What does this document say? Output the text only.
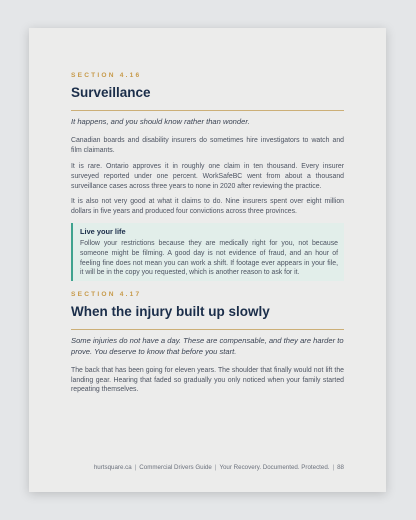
SECTION 4.16
Surveillance

It happens, and you should know rather than wonder.

Canadian boards and disability insurers do sometimes hire investigators to watch and film claimants.

It is rare. Ontario approves it in roughly one claim in ten thousand. Every insurer surveyed reported under one percent. WorkSafeBC went from about a thousand surveillance cases across three years to none in 2020 after reviewing the practice.

It is also not very good at what it claims to do. Nine insurers spent over eight million dollars in five years and produced four convictions across three provinces.

Live your life

Follow your restrictions because they are medically right for you, not because someone might be filming. A good day is not evidence of fraud, and an hour of feeling fine does not mean you can work a shift. If footage ever appears in your file, it will be in the copy you requested, which is another reason to ask for it.

SECTION 4.17
When the injury built up slowly

Some injuries do not have a day. These are compensable, and they are harder to prove. You deserve to know that before you start.

The back that has been going for eleven years. The shoulder that finally would not lift the landing gear. Hearing that faded so gradually you only noticed when your family started repeating themselves.

hurtsquare.ca | Commercial Drivers Guide | Your Recovery. Documented. Protected. | 88
